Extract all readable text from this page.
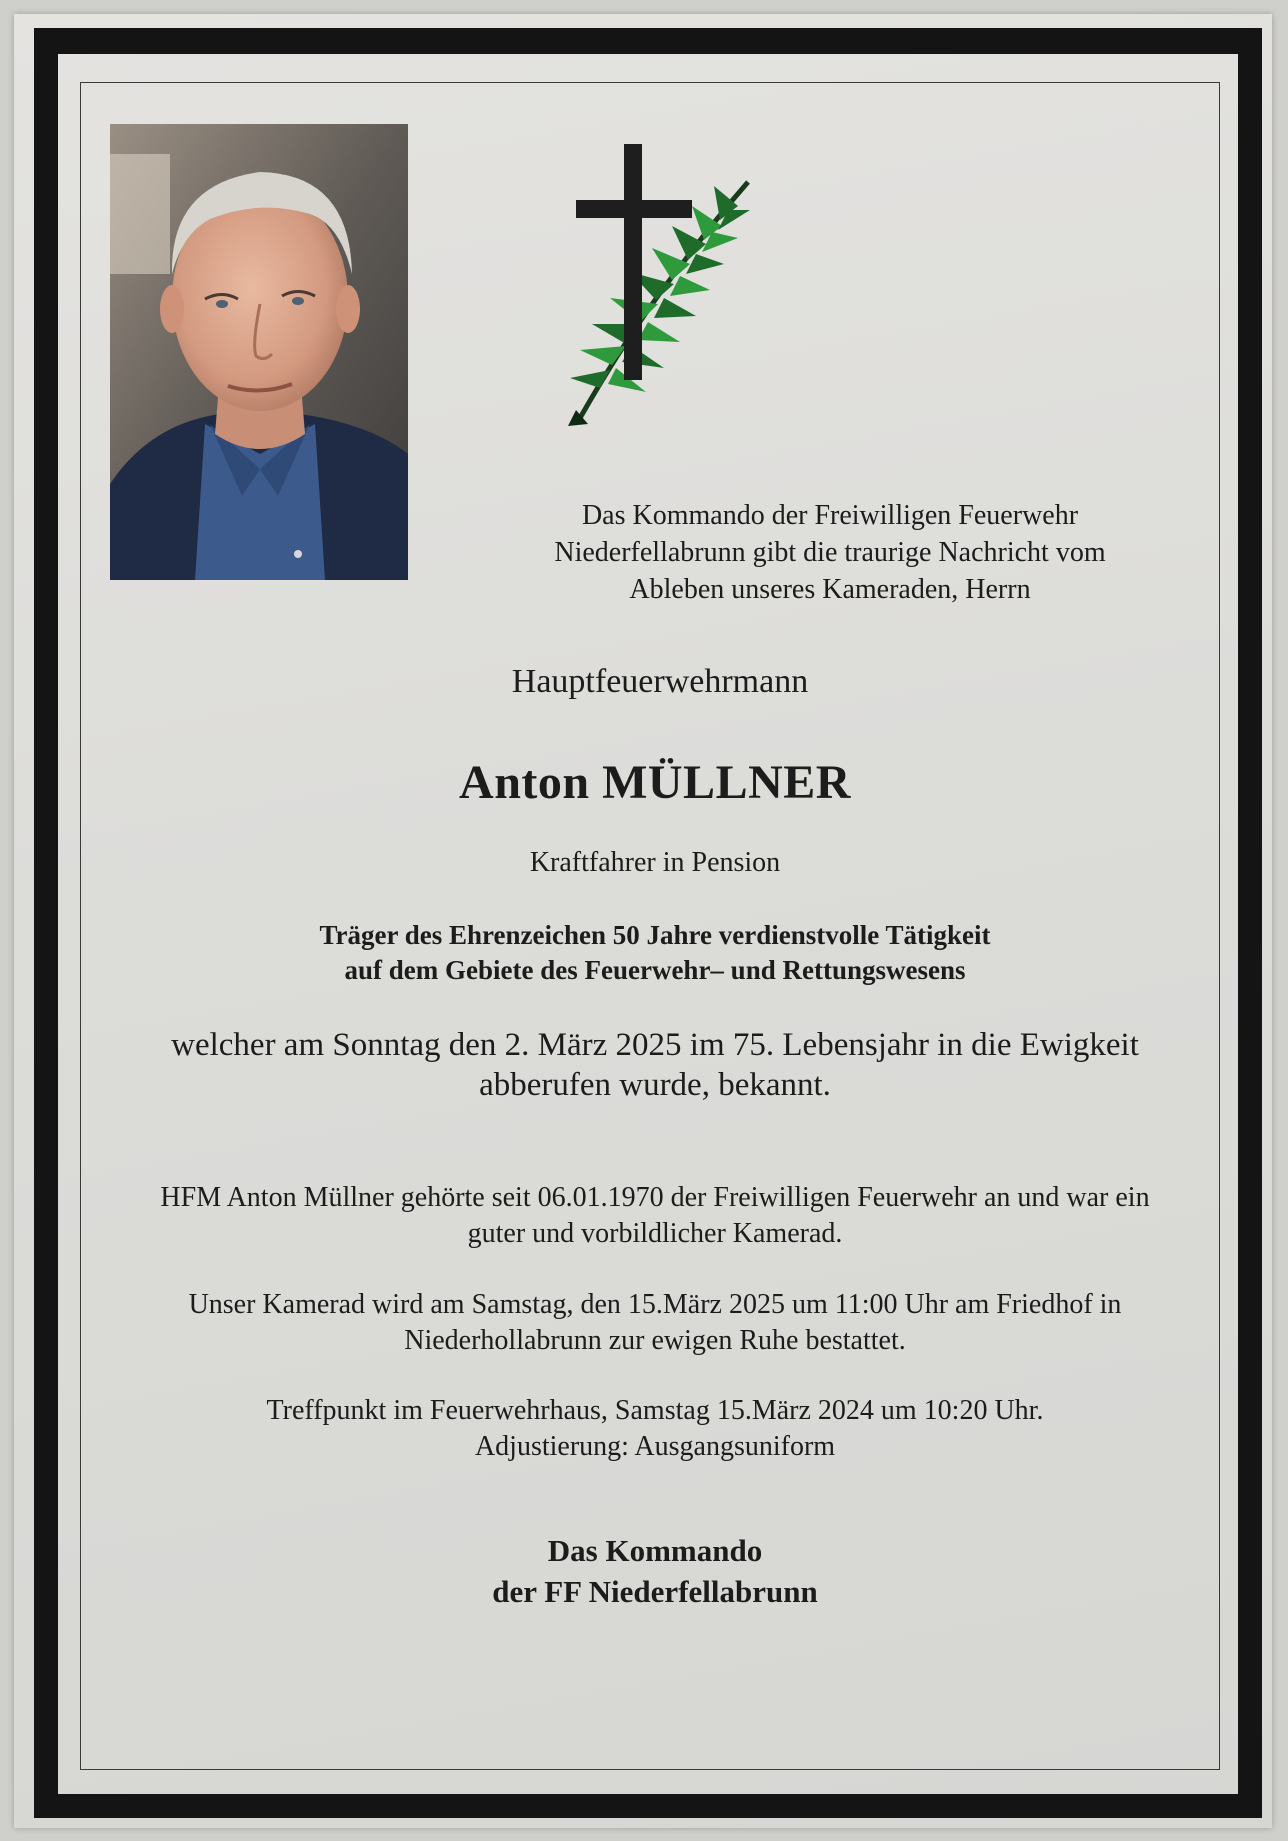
Das Kommando der Freiwilligen Feuerwehr
Niederfellabrunn gibt die traurige Nachricht vom
Ableben unseres Kameraden, Herrn
Hauptfeuerwehrmann
Anton MÜLLNER
Kraftfahrer in Pension
Träger des Ehrenzeichen 50 Jahre verdienstvolle Tätigkeit
auf dem Gebiete des Feuerwehr– und Rettungswesens
welcher am Sonntag den 2. März 2025 im 75. Lebensjahr in die Ewigkeit
abberufen wurde, bekannt.
HFM Anton Müllner gehörte seit 06.01.1970 der Freiwilligen Feuerwehr an und war ein
guter und vorbildlicher Kamerad.
Unser Kamerad wird am Samstag, den 15.März 2025 um 11:00 Uhr am Friedhof in
Niederhollabrunn zur ewigen Ruhe bestattet.
Treffpunkt im Feuerwehrhaus, Samstag 15.März 2024 um 10:20 Uhr.
Adjustierung: Ausgangsuniform
Das Kommando
der FF Niederfellabrunn
